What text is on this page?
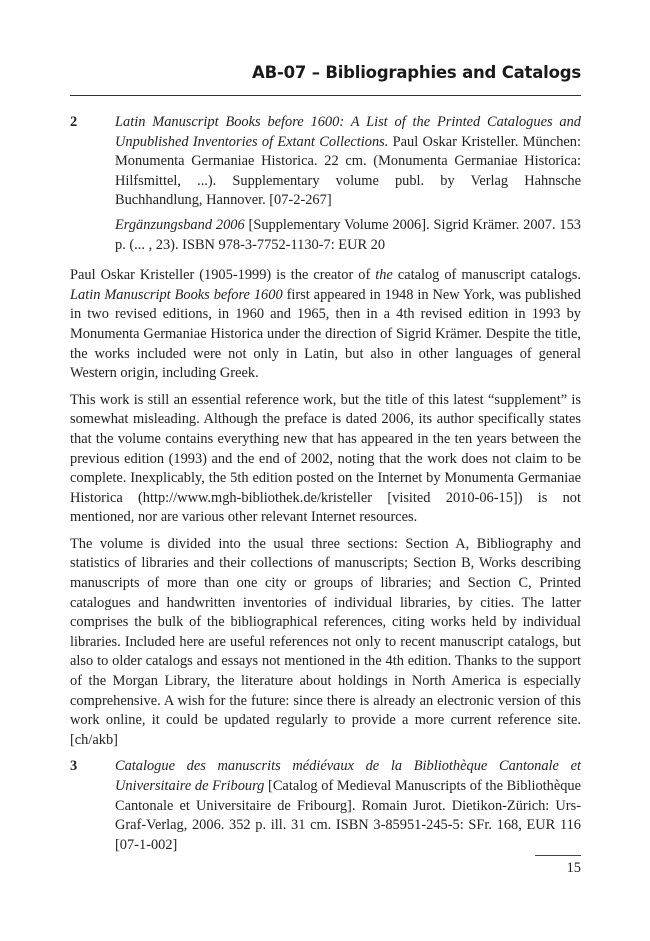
AB-07 – Bibliographies and Catalogs
2	Latin Manuscript Books before 1600: A List of the Printed Catalogues and Unpublished Inventories of Extant Collections. Paul Oskar Kristeller. München: Monumenta Germaniae Historica. 22 cm. (Monumenta Germaniae Historica: Hilfsmittel, ...). Supplementary volume publ. by Verlag Hahnsche Buchhandlung, Hannover. [07-2-267]

Ergänzungsband 2006 [Supplementary Volume 2006]. Sigrid Krämer. 2007. 153 p. (... , 23). ISBN 978-3-7752-1130-7: EUR 20

Paul Oskar Kristeller (1905-1999) is the creator of the catalog of manuscript catalogs. Latin Manuscript Books before 1600 first appeared in 1948 in New York, was published in two revised editions, in 1960 and 1965, then in a 4th revised edition in 1993 by Monumenta Germaniae Historica under the direction of Sigrid Krämer. Despite the title, the works included were not only in Latin, but also in other languages of general Western origin, including Greek.

This work is still an essential reference work, but the title of this latest “supplement” is somewhat misleading. Although the preface is dated 2006, its author specifically states that the volume contains everything new that has appeared in the ten years between the previous edition (1993) and the end of 2002, noting that the work does not claim to be complete. Inexplicably, the 5th edition posted on the Internet by Monumenta Germaniae Historica (http://www.mgh-bibliothek.de/kristeller [visited 2010-06-15]) is not mentioned, nor are various other relevant Internet resources.

The volume is divided into the usual three sections: Section A, Bibliography and statistics of libraries and their collections of manuscripts; Section B, Works describing manuscripts of more than one city or groups of libraries; and Section C, Printed catalogues and handwritten inventories of individual libraries, by cities. The latter comprises the bulk of the bibliographical references, citing works held by individual libraries. Included here are useful references not only to recent manuscript catalogs, but also to older catalogs and essays not mentioned in the 4th edition. Thanks to the support of the Morgan Library, the literature about holdings in North America is especially comprehensive. A wish for the future: since there is already an electronic version of this work online, it could be updated regularly to provide a more current reference site. [ch/akb]

3	Catalogue des manuscrits médiévaux de la Bibliothèque Cantonale et Universitaire de Fribourg [Catalog of Medieval Manuscripts of the Bibliothèque Cantonale et Universitaire de Fribourg]. Romain Jurot. Dietikon-Zürich: Urs-Graf-Verlag, 2006. 352 p. ill. 31 cm. ISBN 3-85951-245-5: SFr. 168, EUR 116 [07-1-002]

15
